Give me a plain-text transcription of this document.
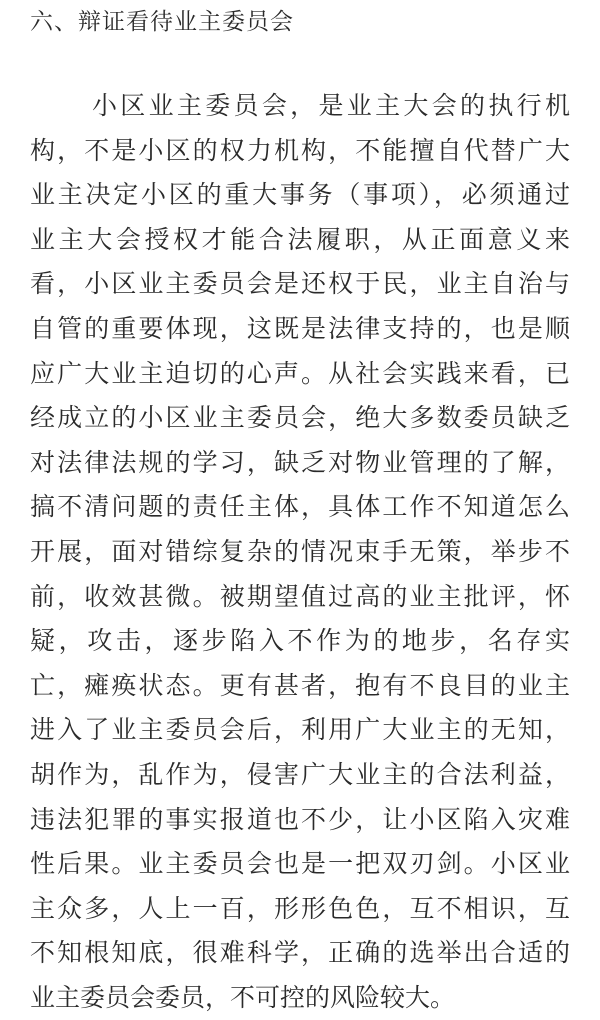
六、辩证看待业主委员会
小区业主委员会，是业主大会的执行机
构，不是小区的权力机构，不能擅自代替广大
业主决定小区的重大事务（事项），必须通过
业主大会授权才能合法履职，从正面意义来
看，小区业主委员会是还权于民，业主自治与
自管的重要体现，这既是法律支持的，也是顺
应广大业主迫切的心声。从社会实践来看，已
经成立的小区业主委员会，绝大多数委员缺乏
对法律法规的学习，缺乏对物业管理的了解，
搞不清问题的责任主体，具体工作不知道怎么
开展，面对错综复杂的情况束手无策，举步不
前，收效甚微。被期望值过高的业主批评，怀
疑，攻击，逐步陷入不作为的地步，名存实
亡，瘫痪状态。更有甚者，抱有不良目的业主
进入了业主委员会后，利用广大业主的无知，
胡作为，乱作为，侵害广大业主的合法利益，
违法犯罪的事实报道也不少，让小区陷入灾难
性后果。业主委员会也是一把双刃剑。小区业
主众多，人上一百，形形色色，互不相识，互
不知根知底，很难科学，正确的选举出合适的
业主委员会委员，不可控的风险较大。
